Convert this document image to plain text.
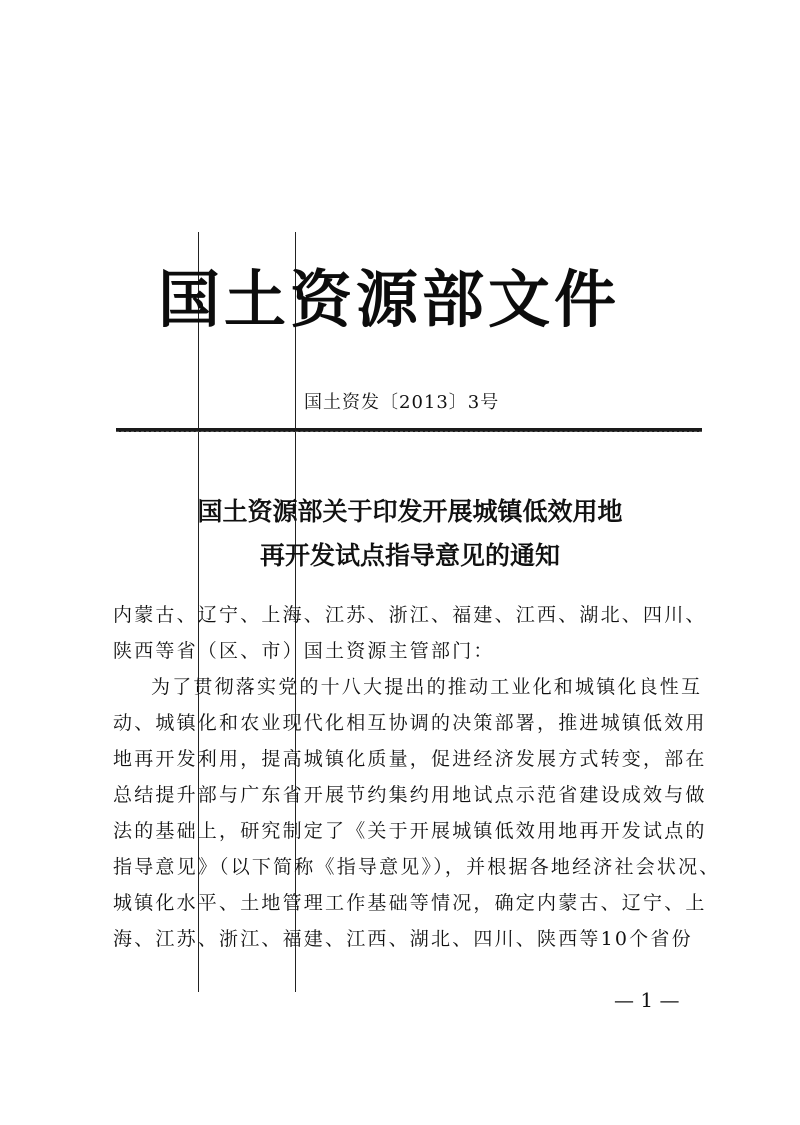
国土资源部文件
国土资发〔2013〕3号
国土资源部关于印发开展城镇低效用地
再开发试点指导意见的通知
内蒙古、辽宁、上海、江苏、浙江、福建、江西、湖北、四川、
陕西等省（区、市）国土资源主管部门：
为了贯彻落实党的十八大提出的推动工业化和城镇化良性互
动、城镇化和农业现代化相互协调的决策部署，推进城镇低效用
地再开发利用，提高城镇化质量，促进经济发展方式转变，部在
总结提升部与广东省开展节约集约用地试点示范省建设成效与做
法的基础上，研究制定了《关于开展城镇低效用地再开发试点的
指导意见》（以下简称《指导意见》），并根据各地经济社会状况、
城镇化水平、土地管理工作基础等情况，确定内蒙古、辽宁、上
海、江苏、浙江、福建、江西、湖北、四川、陕西等10个省份
— 1 —
